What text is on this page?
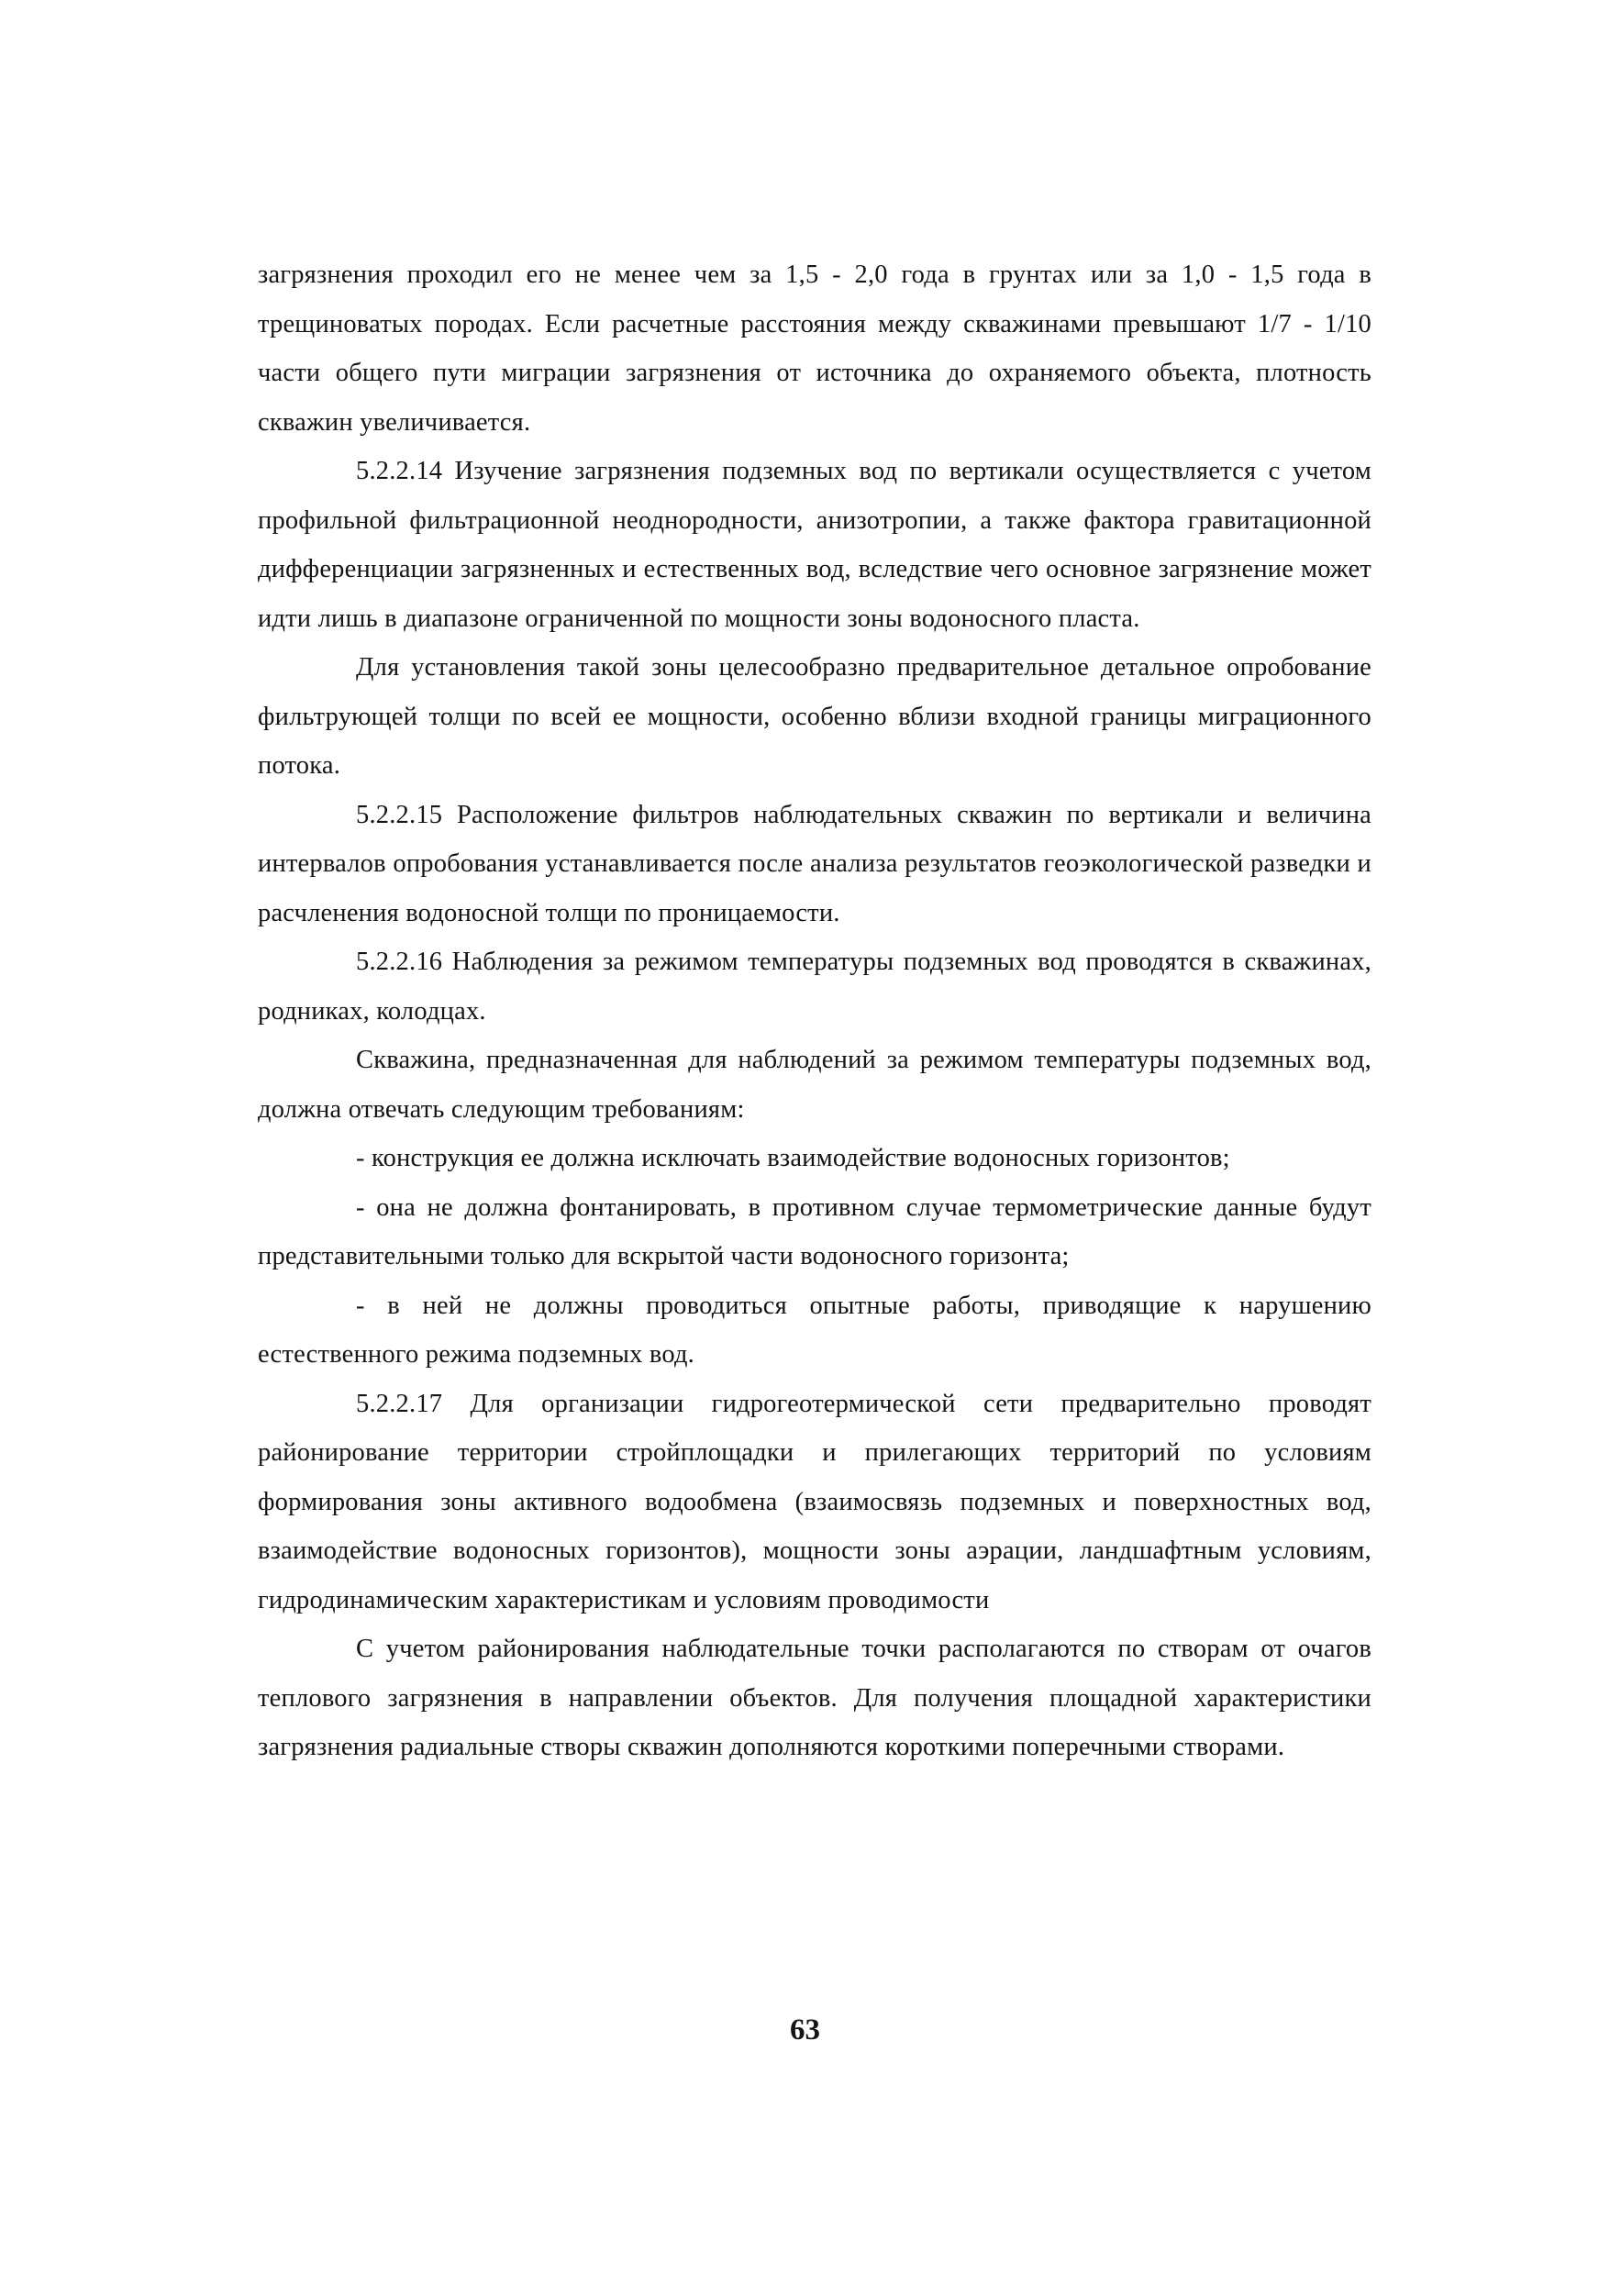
загрязнения проходил его не менее чем за 1,5 - 2,0 года в грунтах или за 1,0 - 1,5 года в трещиноватых породах. Если расчетные расстояния между скважинами превышают 1/7 - 1/10 части общего пути миграции загрязнения от источника до охраняемого объекта, плотность скважин увеличивается.

5.2.2.14 Изучение загрязнения подземных вод по вертикали осуществляется с учетом профильной фильтрационной неоднородности, анизотропии, а также фактора гравитационной дифференциации загрязненных и естественных вод, вследствие чего основное загрязнение может идти лишь в диапазоне ограниченной по мощности зоны водоносного пласта.

Для установления такой зоны целесообразно предварительное детальное опробование фильтрующей толщи по всей ее мощности, особенно вблизи входной границы миграционного потока.

5.2.2.15 Расположение фильтров наблюдательных скважин по вертикали и величина интервалов опробования устанавливается после анализа результатов геоэкологической разведки и расчленения водоносной толщи по проницаемости.

5.2.2.16 Наблюдения за режимом температуры подземных вод проводятся в скважинах, родниках, колодцах.

Скважина, предназначенная для наблюдений за режимом температуры подземных вод, должна отвечать следующим требованиям:

- конструкция ее должна исключать взаимодействие водоносных горизонтов;

- она не должна фонтанировать, в противном случае термометрические данные будут представительными только для вскрытой части водоносного горизонта;

- в ней не должны проводиться опытные работы, приводящие к нарушению естественного режима подземных вод.

5.2.2.17 Для организации гидрогеотермической сети предварительно проводят районирование территории стройплощадки и прилегающих территорий по условиям формирования зоны активного водообмена (взаимосвязь подземных и поверхностных вод, взаимодействие водоносных горизонтов), мощности зоны аэрации, ландшафтным условиям, гидродинамическим характеристикам и условиям проводимости

С учетом районирования наблюдательные точки располагаются по створам от очагов теплового загрязнения в направлении объектов. Для получения площадной характеристики загрязнения радиальные створы скважин дополняются короткими поперечными створами.

63
